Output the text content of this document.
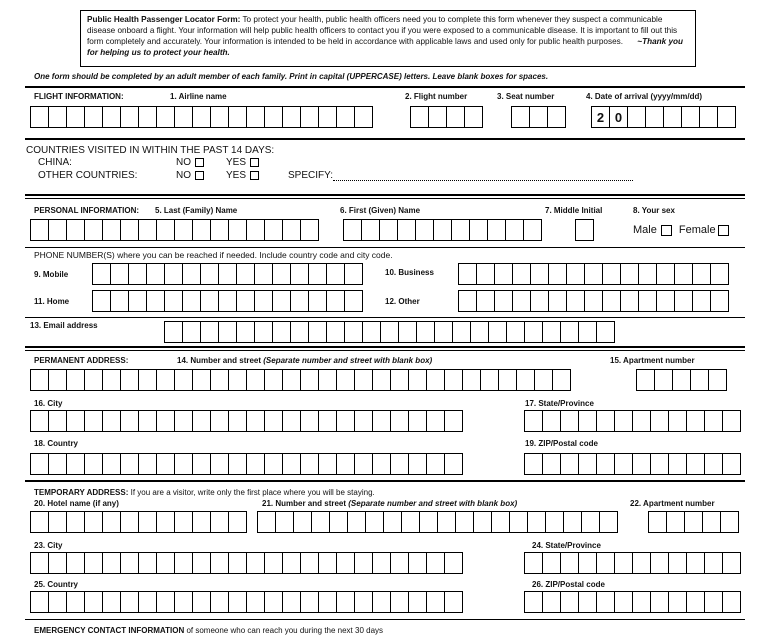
Public Health Passenger Locator Form: To protect your health, public health officers need you to complete this form whenever they suspect a communicable disease onboard a flight. Your information will help public health officers to contact you if you were exposed to a communicable disease. It is important to fill out this form completely and accurately. Your information is intended to be held in accordance with applicable laws and used only for public health purposes. ~Thank you for helping us to protect your health.
One form should be completed by an adult member of each family. Print in capital (UPPERCASE) letters. Leave blank boxes for spaces.
FLIGHT INFORMATION:	1. Airline name	2. Flight number	3. Seat number	4. Date of arrival (yyyy/mm/dd)
2 0
COUNTRIES VISITED IN WITHIN THE PAST 14 DAYS:
CHINA:	NO	YES
OTHER COUNTRIES:	NO	YES	SPECIFY:
PERSONAL INFORMATION: 5. Last (Family) Name	6. First (Given) Name	7. Middle Initial	8. Your sex
Male Female
PHONE NUMBER(S) where you can be reached if needed. Include country code and city code.
9. Mobile	10. Business
11. Home	12. Other
13. Email address
PERMANENT ADDRESS:	14. Number and street (Separate number and street with blank box)	15. Apartment number
16. City	17. State/Province
18. Country	19. ZIP/Postal code
TEMPORARY ADDRESS: If you are a visitor, write only the first place where you will be staying.
20. Hotel name (if any)	21. Number and street (Separate number and street with blank box)	22. Apartment number
23. City	24. State/Province
25. Country	26. ZIP/Postal code
EMERGENCY CONTACT INFORMATION of someone who can reach you during the next 30 days
